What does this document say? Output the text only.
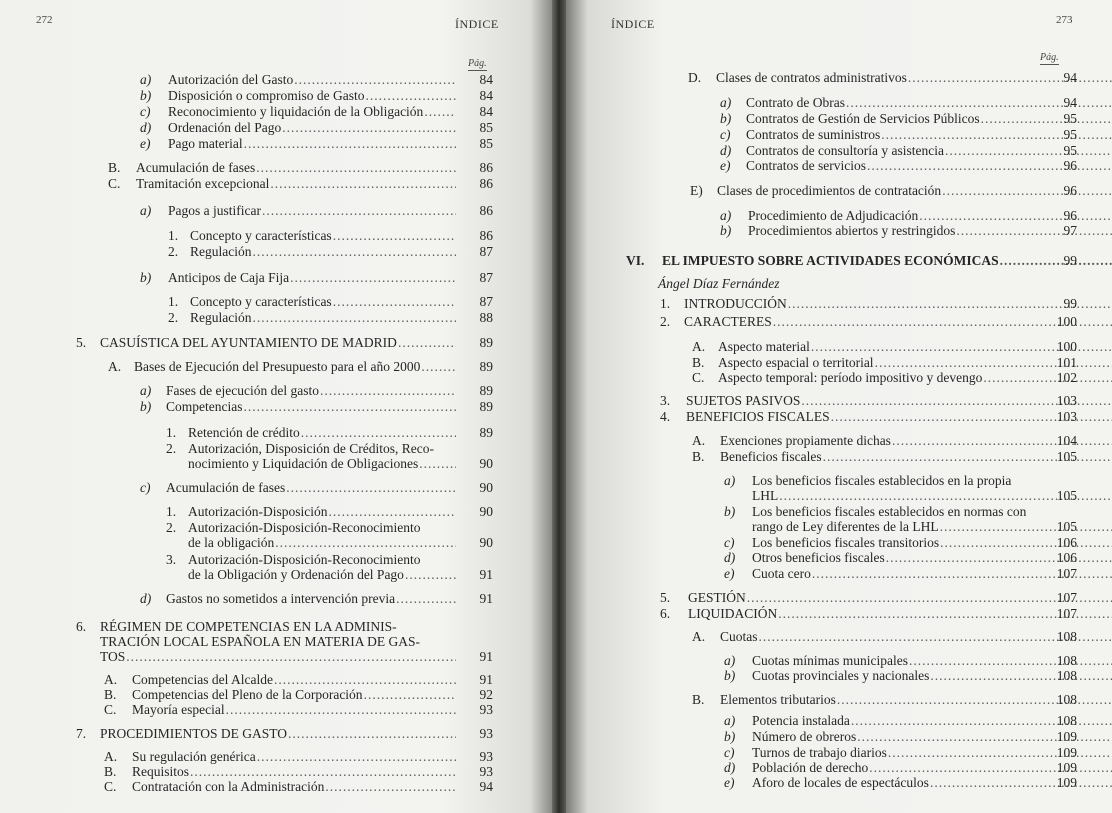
272	ÍNDICE
Pág.
a) Autorización del Gasto .....	84
b) Disposición o compromiso de Gasto .....	84
c) Reconocimiento y liquidación de la Obligación .....	84
d) Ordenación del Pago .....	85
e) Pago material .....	85
B. Acumulación de fases .....	86
C. Tramitación excepcional .....	86
a) Pagos a justificar .....	86
1. Concepto y características .....	86
2. Regulación .....	87
b) Anticipos de Caja Fija .....	87
1. Concepto y características .....	87
2. Regulación .....	88
5. CASUÍSTICA DEL AYUNTAMIENTO DE MADRID .....	89
A. Bases de Ejecución del Presupuesto para el año 2000 .....	89
a) Fases de ejecución del gasto .....	89
b) Competencias .....	89
1. Retención de crédito .....	89
2. Autorización, Disposición de Créditos, Reco-
nocimiento y Liquidación de Obligaciones .....	90
c) Acumulación de fases .....	90
1. Autorización-Disposición .....	90
2. Autorización-Disposición-Reconocimiento
de la obligación .....	90
3. Autorización-Disposición-Reconocimiento
de la Obligación y Ordenación del Pago .....	91
d) Gastos no sometidos a intervención previa .....	91
6. RÉGIMEN DE COMPETENCIAS EN LA ADMINIS-
TRACIÓN LOCAL ESPAÑOLA EN MATERIA DE GAS-
TOS .....	91
A. Competencias del Alcalde .....	91
B. Competencias del Pleno de la Corporación .....	92
C. Mayoría especial .....	93
7. PROCEDIMIENTOS DE GASTO .....	93
A. Su regulación genérica .....	93
B. Requisitos .....	93
C. Contratación con la Administración .....	94
ÍNDICE	273
Pág.
Ángel Díaz Fernández
D. Clases de contratos administrativos .....	94
a) Contrato de Obras .....	94
b) Contratos de Gestión de Servicios Públicos .....	95
c) Contratos de suministros .....	95
d) Contratos de consultoría y asistencia .....	95
e) Contratos de servicios .....	96
E) Clases de procedimientos de contratación .....	96
a) Procedimiento de Adjudicación .....	96
b) Procedimientos abiertos y restringidos .....	97
VI. EL IMPUESTO SOBRE ACTIVIDADES ECONÓMICAS .....	99
1. INTRODUCCIÓN .....	99
2. CARACTERES .....	100
A. Aspecto material .....	100
B. Aspecto espacial o territorial .....	101
C. Aspecto temporal: período impositivo y devengo .....	102
3. SUJETOS PASIVOS .....	103
4. BENEFICIOS FISCALES .....	103
A. Exenciones propiamente dichas .....	104
B. Beneficios fiscales .....	105
a) Los beneficios fiscales establecidos en la propia
LHL .....	105
b) Los beneficios fiscales establecidos en normas con
rango de Ley diferentes de la LHL .....	105
c) Los beneficios fiscales transitorios .....	106
d) Otros beneficios fiscales .....	106
e) Cuota cero .....	107
5. GESTIÓN .....	107
6. LIQUIDACIÓN .....	107
A. Cuotas .....	108
a) Cuotas mínimas municipales .....	108
b) Cuotas provinciales y nacionales .....	108
B. Elementos tributarios .....	108
a) Potencia instalada .....	108
b) Número de obreros .....	109
c) Turnos de trabajo diarios .....	109
d) Población de derecho .....	109
e) Aforo de locales de espectáculos .....	109
